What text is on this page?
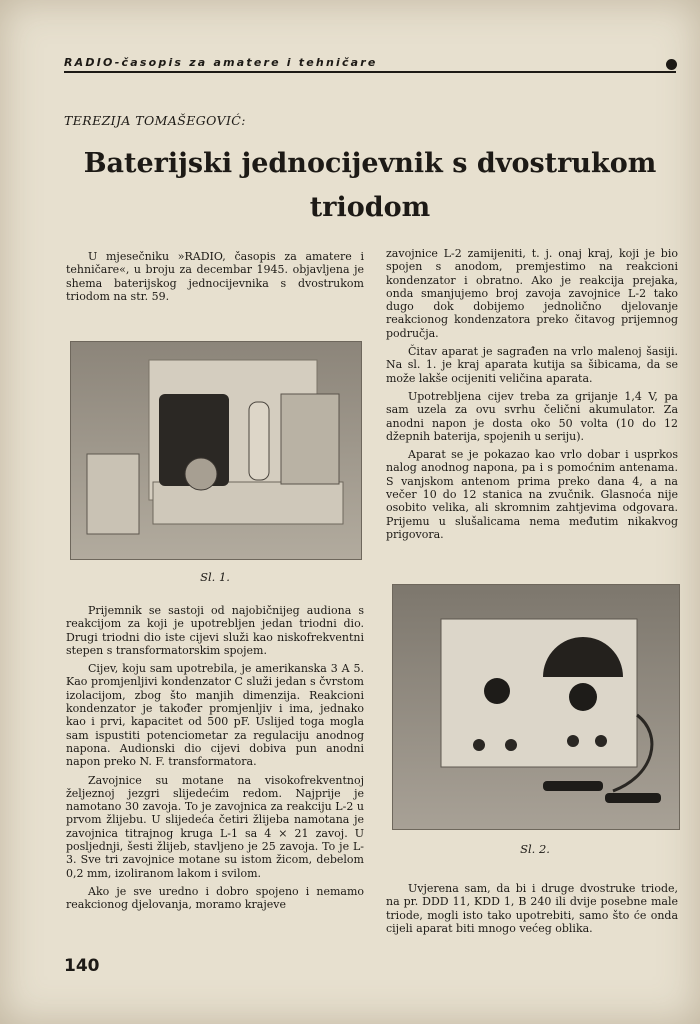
RADIO-časopis za amatere i tehničare
TEREZIJA TOMAŠEGOVIĆ:
Baterijski jednocijevnik s dvostrukom triodom

U mjesečniku »RADIO, časopis za amatere i tehničare«, u broju za decembar 1945. objavljena je shema baterijskog jednocijevnika s dvostrukom triodom na str. 59.

Sl. 1.

Prijemnik se sastoji od najobičnijeg audiona s reakcijom za koji je upotrebljen jedan triodni dio. Drugi triodni dio iste cijevi služi kao niskofrekventni stepen s transformatorskim spojem.

Cijev, koju sam upotrebila, je amerikanska 3 A 5. Kao promjenljivi kondenzator C služi jedan s čvrstom izolacijom, zbog što manjih dimenzija. Reakcioni kondenzator je također promjenljiv i ima, jednako kao i prvi, kapacitet od 500 pF. Uslijed toga mogla sam ispustiti potenciometar za regulaciju anodnog napona. Audionski dio cijevi dobiva pun anodni napon preko N. F. transformatora.

Zavojnice su motane na visokofrekventnoj željeznoj jezgri slijedećim redom. Najprije je namotano 30 zavoja. To je zavojnica za reakciju L-2 u prvom žlijebu. U slijedeća četiri žlijeba namotana je zavojnica titrajnog kruga L-1 sa 4 × 21 zavoj. U posljednji, šesti žlijeb, stavljeno je 25 zavoja. To je L-3. Sve tri zavojnice motane su istom žicom, debelom 0,2 mm, izoliranom lakom i svilom.

Ako je sve uredno i dobro spojeno i nemamo reakcionog djelovanja, moramo krajeve

zavojnice L-2 zamijeniti, t. j. onaj kraj, koji je bio spojen s anodom, premjestimo na reakcioni kondenzator i obratno. Ako je reakcija prejaka, onda smanjujemo broj zavoja zavojnice L-2 tako dugo dok dobijemo jednolično djelovanje reakcionog kondenzatora preko čitavog prijemnog područja.

Čitav aparat je sagrađen na vrlo malenoj šasiji. Na sl. 1. je kraj aparata kutija sa šibicama, da se može lakše ocijeniti veličina aparata.

Upotrebljena cijev treba za grijanje 1,4 V, pa sam uzela za ovu svrhu čelični akumulator. Za anodni napon je dosta oko 50 volta (10 do 12 džepnih baterija, spojenih u seriju).

Aparat se je pokazao kao vrlo dobar i usprkos nalog anodnog napona, pa i s pomoćnim antenama. S vanjskom antenom prima preko dana 4, a na večer 10 do 12 stanica na zvučnik. Glasnoća nije osobito velika, ali skromnim zahtjevima odgovara. Prijemu u slušalicama nema međutim nikakvog prigovora.

Sl. 2.

Uvjerena sam, da bi i druge dvostruke triode, na pr. DDD 11, KDD 1, B 240 ili dvije posebne male triode, mogli isto tako upotrebiti, samo što će onda cijeli aparat biti mnogo većeg oblika.

140
